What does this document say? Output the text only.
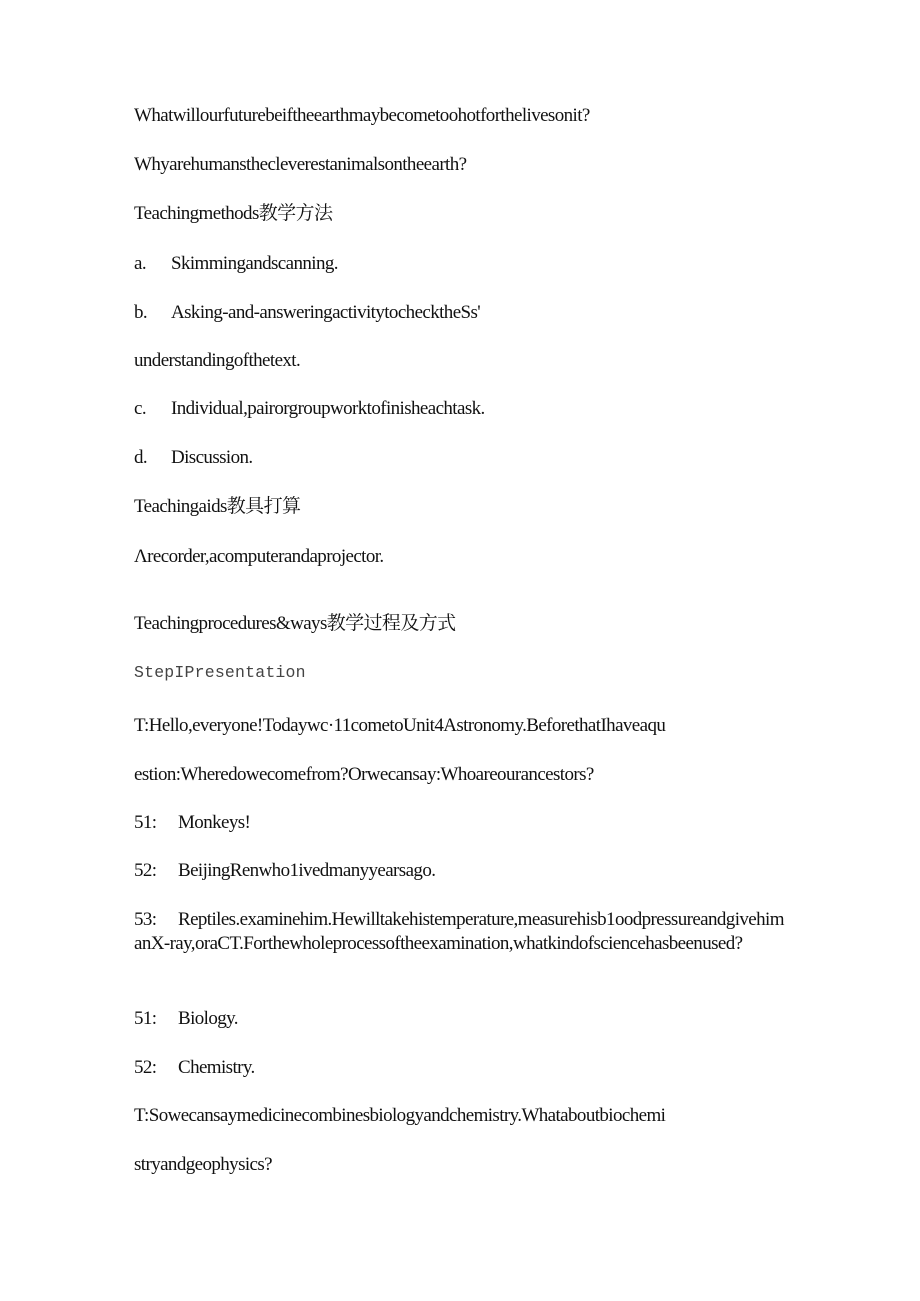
Whatwillourfuturebeiftheearthmaybecometoohotforthelivesonit?
Whyarehumansthecleverestanimalsontheearth?
Teachingmethods教学方法
a. Skimmingandscanning.
b. Asking-and-answeringactivitytochecktheSs'
understandingofthetext.
c. Individual,pairorgroupworktofinisheachtask.
d. Discussion.
Teachingaids教具打算
Λrecorder,acomputerandaprojector.
Teachingprocedures&ways教学过程及方式
StepIPresentation
T:Hello,everyone!Todaywc·11cometoUnit4Astronomy.BeforethatIhaveaqu
estion:Wheredowecomefrom?Orwecansay:Whoareourancestors?
51: Monkeys!
52: BeijingRenwho1ivedmanyyearsago.
53: Reptiles.examinehim.Hewilltakehistemperature,measurehisb1oodpressureandgivehimanX-ray,oraCT.Forthewholeprocessoftheexamination,whatkindofsciencehasbeenused?
51: Biology.
52: Chemistry.
T:Sowecansaymedicinecombinesbiologyandchemistry.Whataboutbiochemi
stryandgeophysics?
